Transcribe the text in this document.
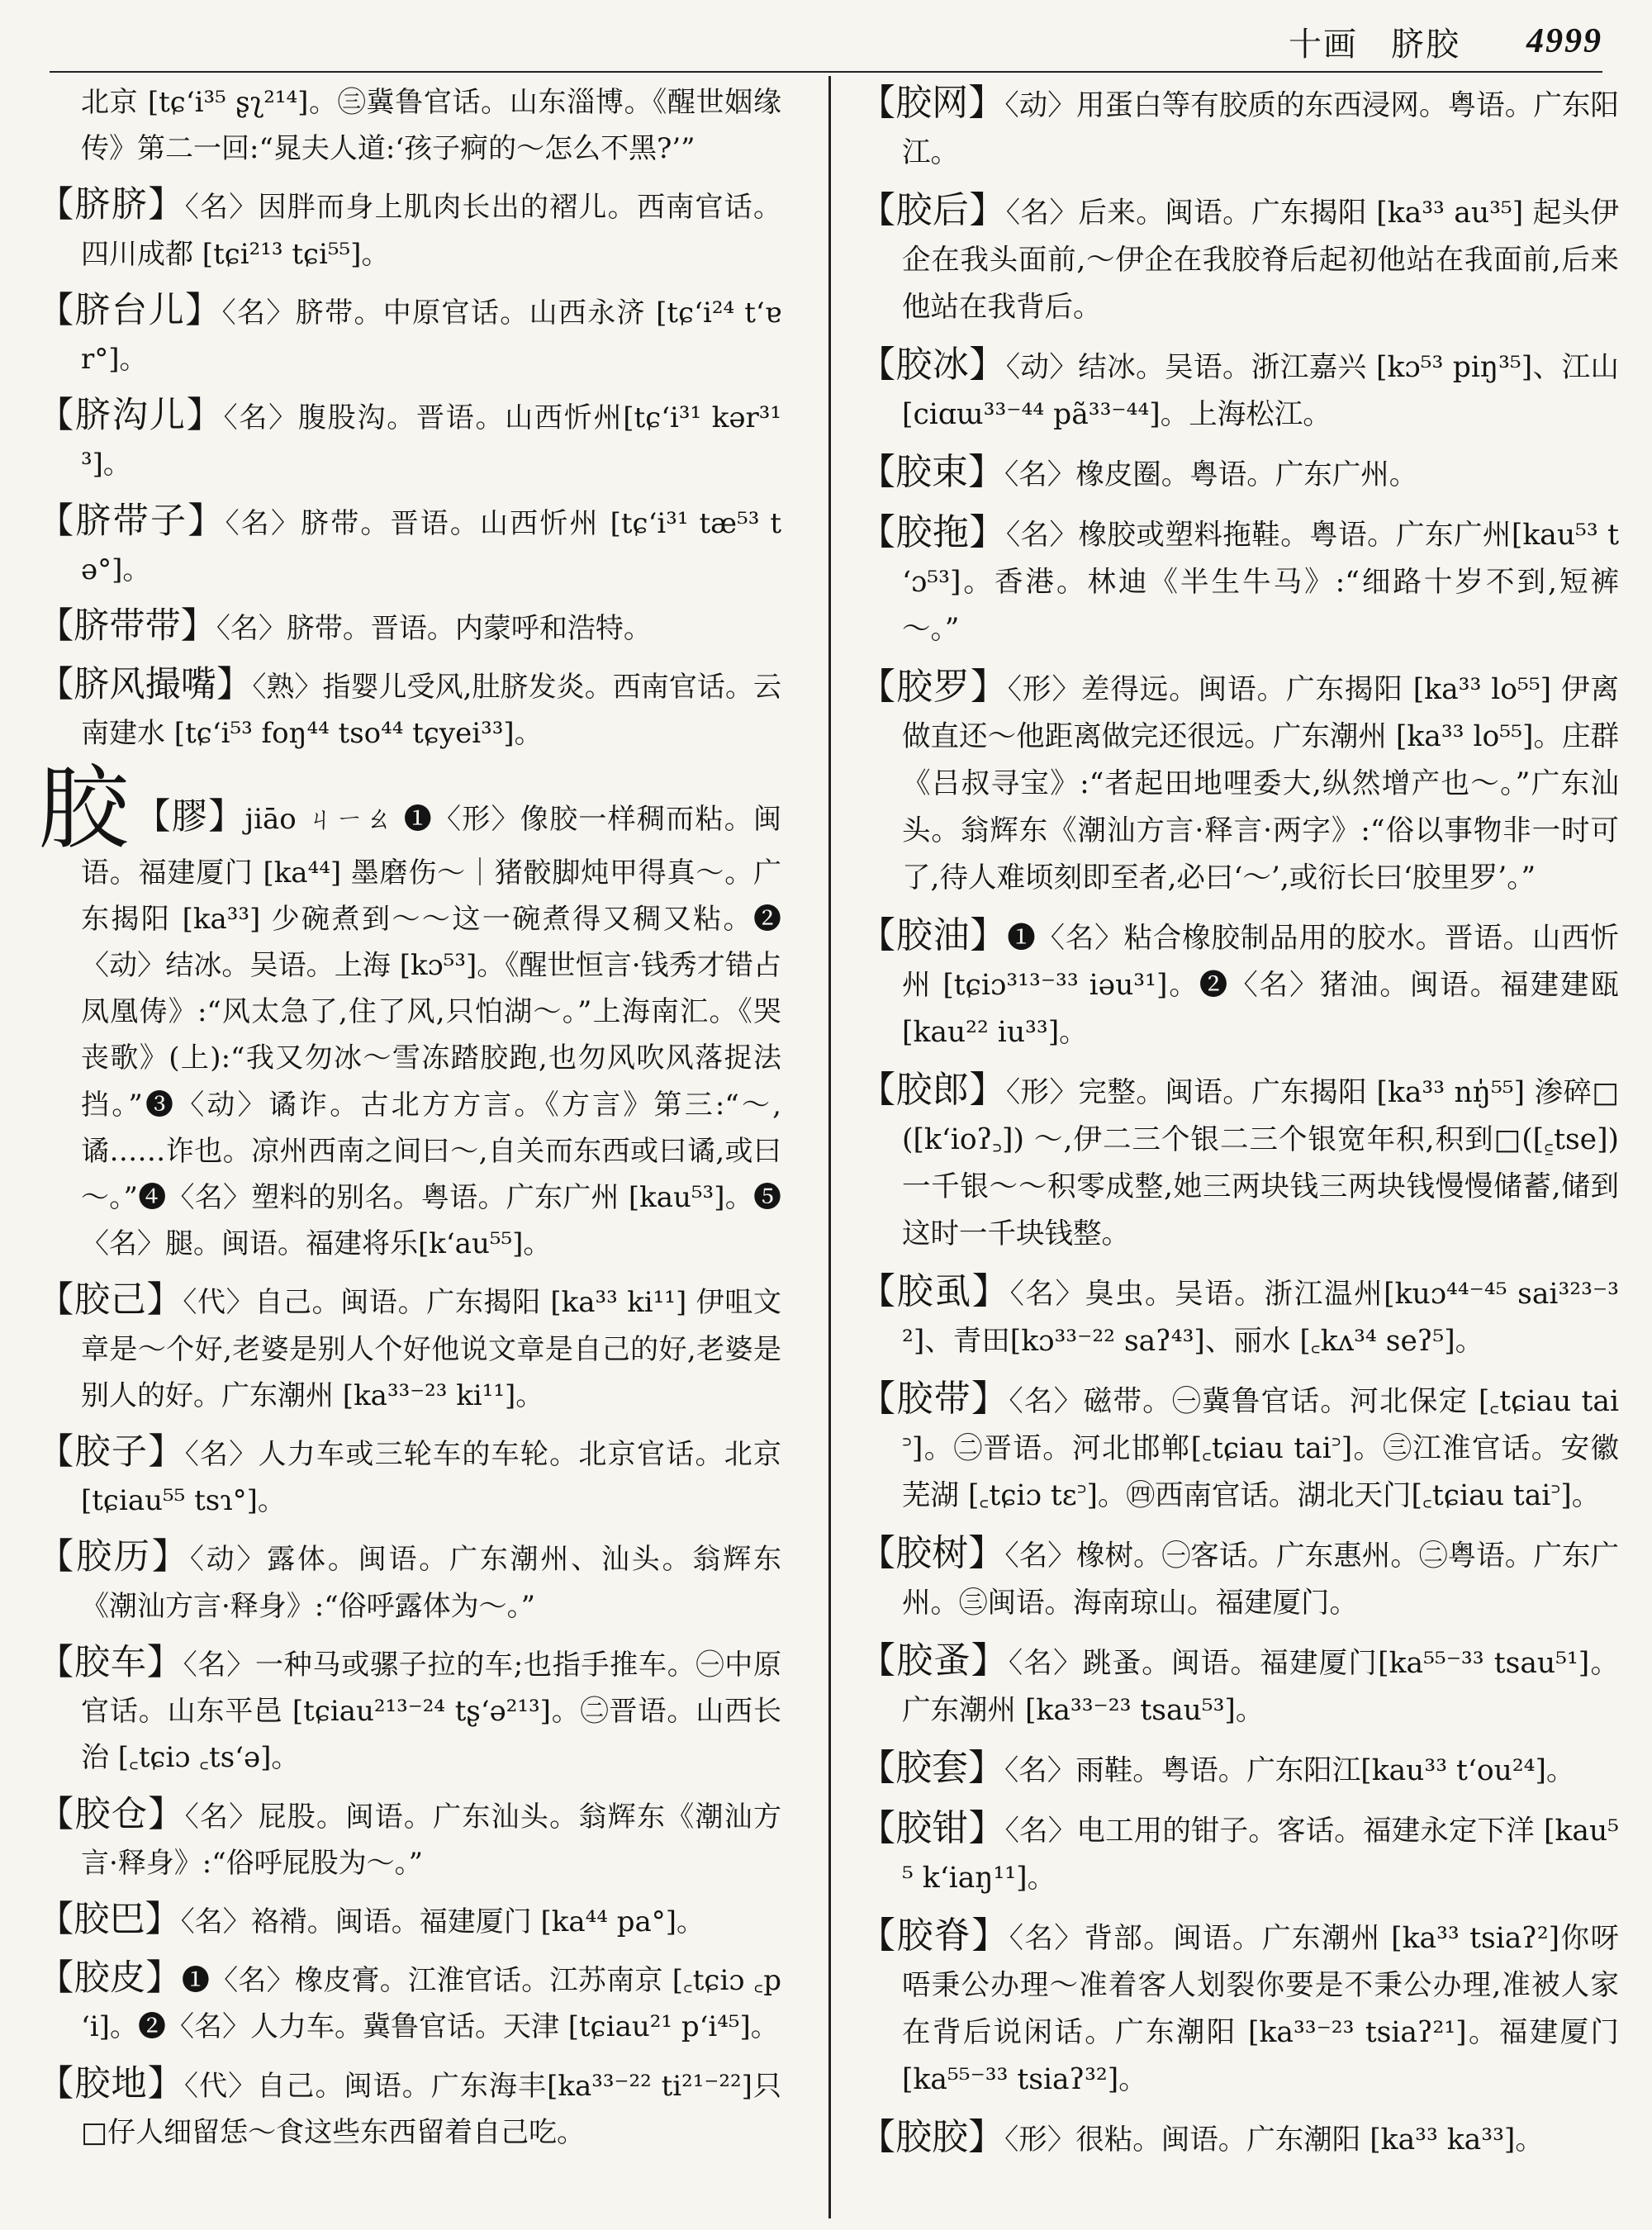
十画 脐胶 4999
北京 [tɕʻi³⁵ ʂʅ²¹⁴]。㊂冀鲁官话。山东淄博。《醒世姻缘传》第二一回:“晁夫人道:‘孩子痾的～怎么不黑?’”
【脐脐】〈名〉因胖而身上肌肉长出的褶儿。西南官话。四川成都 [tɕi²¹³ tɕi⁵⁵]。
【脐台儿】〈名〉脐带。中原官话。山西永济 [tɕʻi²⁴ tʻɐr°]。
【脐沟儿】〈名〉腹股沟。晋语。山西忻州[tɕʻi³¹ kər³¹³]。
【脐带子】〈名〉脐带。晋语。山西忻州 [tɕʻi³¹ tæ⁵³ tə°]。
【脐带带】〈名〉脐带。晋语。内蒙呼和浩特。
【脐风撮嘴】〈熟〉指婴儿受风,肚脐发炎。西南官话。云南建水 [tɕʻi⁵³ foŋ⁴⁴ tso⁴⁴ tɕyei³³]。
胶 【膠】jiāo ㄐㄧㄠ ❶〈形〉像胶一样稠而粘。闽语。福建厦门 [ka⁴⁴] 墨磨伤～｜猪骹脚炖甲得真～。广东揭阳 [ka³³] 少碗煮到～～这一碗煮得又稠又粘。❷〈动〉结冰。吴语。上海 [kɔ⁵³]。《醒世恒言·钱秀才错占凤凰俦》:“风太急了,住了风,只怕湖～。”上海南汇。《哭丧歌》(上):“我又勿冰～雪冻踏胶跑,也勿风吹风落捉法挡。”❸〈动〉谲诈。古北方方言。《方言》第三:“～,谲……诈也。凉州西南之间曰～,自关而东西或曰谲,或曰～。”❹〈名〉塑料的别名。粤语。广东广州 [kau⁵³]。❺〈名〉腿。闽语。福建将乐[kʻau⁵⁵]。
【胶己】〈代〉自己。闽语。广东揭阳 [ka³³ ki¹¹] 伊咀文章是～个好,老婆是别人个好他说文章是自己的好,老婆是别人的好。广东潮州 [ka³³⁻²³ ki¹¹]。
【胶子】〈名〉人力车或三轮车的车轮。北京官话。北京 [tɕiau⁵⁵ tsɿ°]。
【胶历】〈动〉露体。闽语。广东潮州、汕头。翁辉东《潮汕方言·释身》:“俗呼露体为～。”
【胶车】〈名〉一种马或骡子拉的车;也指手推车。㊀中原官话。山东平邑 [tɕiau²¹³⁻²⁴ tʂʻə²¹³]。㊁晋语。山西长治 [꜀tɕiɔ ꜀tsʻə]。
【胶仓】〈名〉屁股。闽语。广东汕头。翁辉东《潮汕方言·释身》:“俗呼屁股为～。”
【胶巴】〈名〉袼褙。闽语。福建厦门 [ka⁴⁴ pa°]。
【胶皮】❶〈名〉橡皮膏。江淮官话。江苏南京 [꜀tɕiɔ ꜀pʻi]。❷〈名〉人力车。冀鲁官话。天津 [tɕiau²¹ pʻi⁴⁵]。
【胶地】〈代〉自己。闽语。广东海丰[ka³³⁻²² ti²¹⁻²²]只□仔人细留恁～食这些东西留着自己吃。
【胶网】〈动〉用蛋白等有胶质的东西浸网。粤语。广东阳江。
【胶后】〈名〉后来。闽语。广东揭阳 [ka³³ au³⁵] 起头伊企在我头面前,～伊企在我胶脊后起初他站在我面前,后来他站在我背后。
【胶冰】〈动〉结冰。吴语。浙江嘉兴 [kɔ⁵³ piŋ³⁵]、江山 [ciɑɯ³³⁻⁴⁴ pã³³⁻⁴⁴]。上海松江。
【胶束】〈名〉橡皮圈。粤语。广东广州。
【胶拖】〈名〉橡胶或塑料拖鞋。粤语。广东广州[kau⁵³ tʻɔ⁵³]。香港。林迪《半生牛马》:“细路十岁不到,短裤～。”
【胶罗】〈形〉差得远。闽语。广东揭阳 [ka³³ lo⁵⁵] 伊离做直还～他距离做完还很远。广东潮州 [ka³³ lo⁵⁵]。庄群《吕叔寻宝》:“者起田地哩委大,纵然增产也～。”广东汕头。翁辉东《潮汕方言·释言·两字》:“俗以事物非一时可了,待人难顷刻即至者,必曰‘～’,或衍长曰‘胶里罗’。”
【胶油】❶〈名〉粘合橡胶制品用的胶水。晋语。山西忻州 [tɕiɔ³¹³⁻³³ iəu³¹]。❷〈名〉猪油。闽语。福建建瓯 [kau²² iu³³]。
【胶郎】〈形〉完整。闽语。广东揭阳 [ka³³ nŋ̍⁵⁵] 渗碎□([kʻioʔ꜆]) ～,伊二三个银二三个银宽年积,积到□([꜁tse]) 一千银～～积零成整,她三两块钱三两块钱慢慢储蓄,储到这时一千块钱整。
【胶虱】〈名〉臭虫。吴语。浙江温州[kuɔ⁴⁴⁻⁴⁵ sai³²³⁻³²]、青田[kɔ³³⁻²² saʔ⁴³]、丽水 [꜀kʌ³⁴ seʔ⁵]。
【胶带】〈名〉磁带。㊀冀鲁官话。河北保定 [꜀tɕiau tai꜄]。㊁晋语。河北邯郸[꜀tɕiau tai꜄]。㊂江淮官话。安徽芜湖 [꜀tɕiɔ tɛ꜄]。㊃西南官话。湖北天门[꜀tɕiau tai꜄]。
【胶树】〈名〉橡树。㊀客话。广东惠州。㊁粤语。广东广州。㊂闽语。海南琼山。福建厦门。
【胶蚤】〈名〉跳蚤。闽语。福建厦门[ka⁵⁵⁻³³ tsau⁵¹]。广东潮州 [ka³³⁻²³ tsau⁵³]。
【胶套】〈名〉雨鞋。粤语。广东阳江[kau³³ tʻou²⁴]。
【胶钳】〈名〉电工用的钳子。客话。福建永定下洋 [kau⁵⁵ kʻiaŋ¹¹]。
【胶脊】〈名〉背部。闽语。广东潮州 [ka³³ tsiaʔ²]你呀唔秉公办理～准着客人划裂你要是不秉公办理,准被人家在背后说闲话。广东潮阳 [ka³³⁻²³ tsiaʔ²¹]。福建厦门 [ka⁵⁵⁻³³ tsiaʔ³²]。
【胶胶】〈形〉很粘。闽语。广东潮阳 [ka³³ ka³³]。
